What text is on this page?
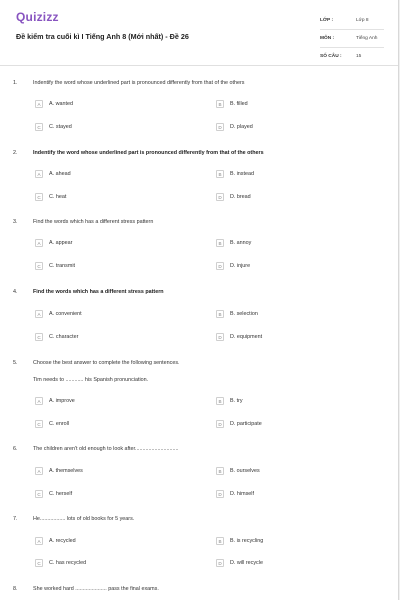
Quizizz
Đề kiểm tra cuối kì I Tiếng Anh 8 (Mới nhất) - Đề 26
LỚP :	Lớp 8
MÔN :	Tiếng Anh
SỐ CÂU :	15
1.	Indentify the word whose underlined part is pronounced differently from that of the others
A	A. wanted	B	B. filled
C	C. stayed	D	D. played
2.	Indentify the word whose underlined part is pronounced differently from that of the others
A	A. ahead	B	B. instead
C	C. heat	D	D. bread
3.	Find the words which has a different stress pattern
A	A. appear	B	B. annoy
C	C. transmit	D	D. injure
4.	Find the words which has a different stress pattern
A	A. convenient	B	B. selection
C	C. character	D	D. equipment
5.	Choose the best answer to complete the following sentences.
Tim needs to ............ his Spanish pronunciation.
A	A. improve	B	B. try
C	C. enroll	D	D. participate
6.	The children aren't old enough to look after.............................
A	A. themselves	B	B. ourselves
C	C. herself	D	D. himself
7.	He................. lots of old books for 5 years.
A	A. recycled	B	B. is recycling
C	C. has recycled	D	D. will recycle
8.	She worked hard ..................... pass the final exams.
